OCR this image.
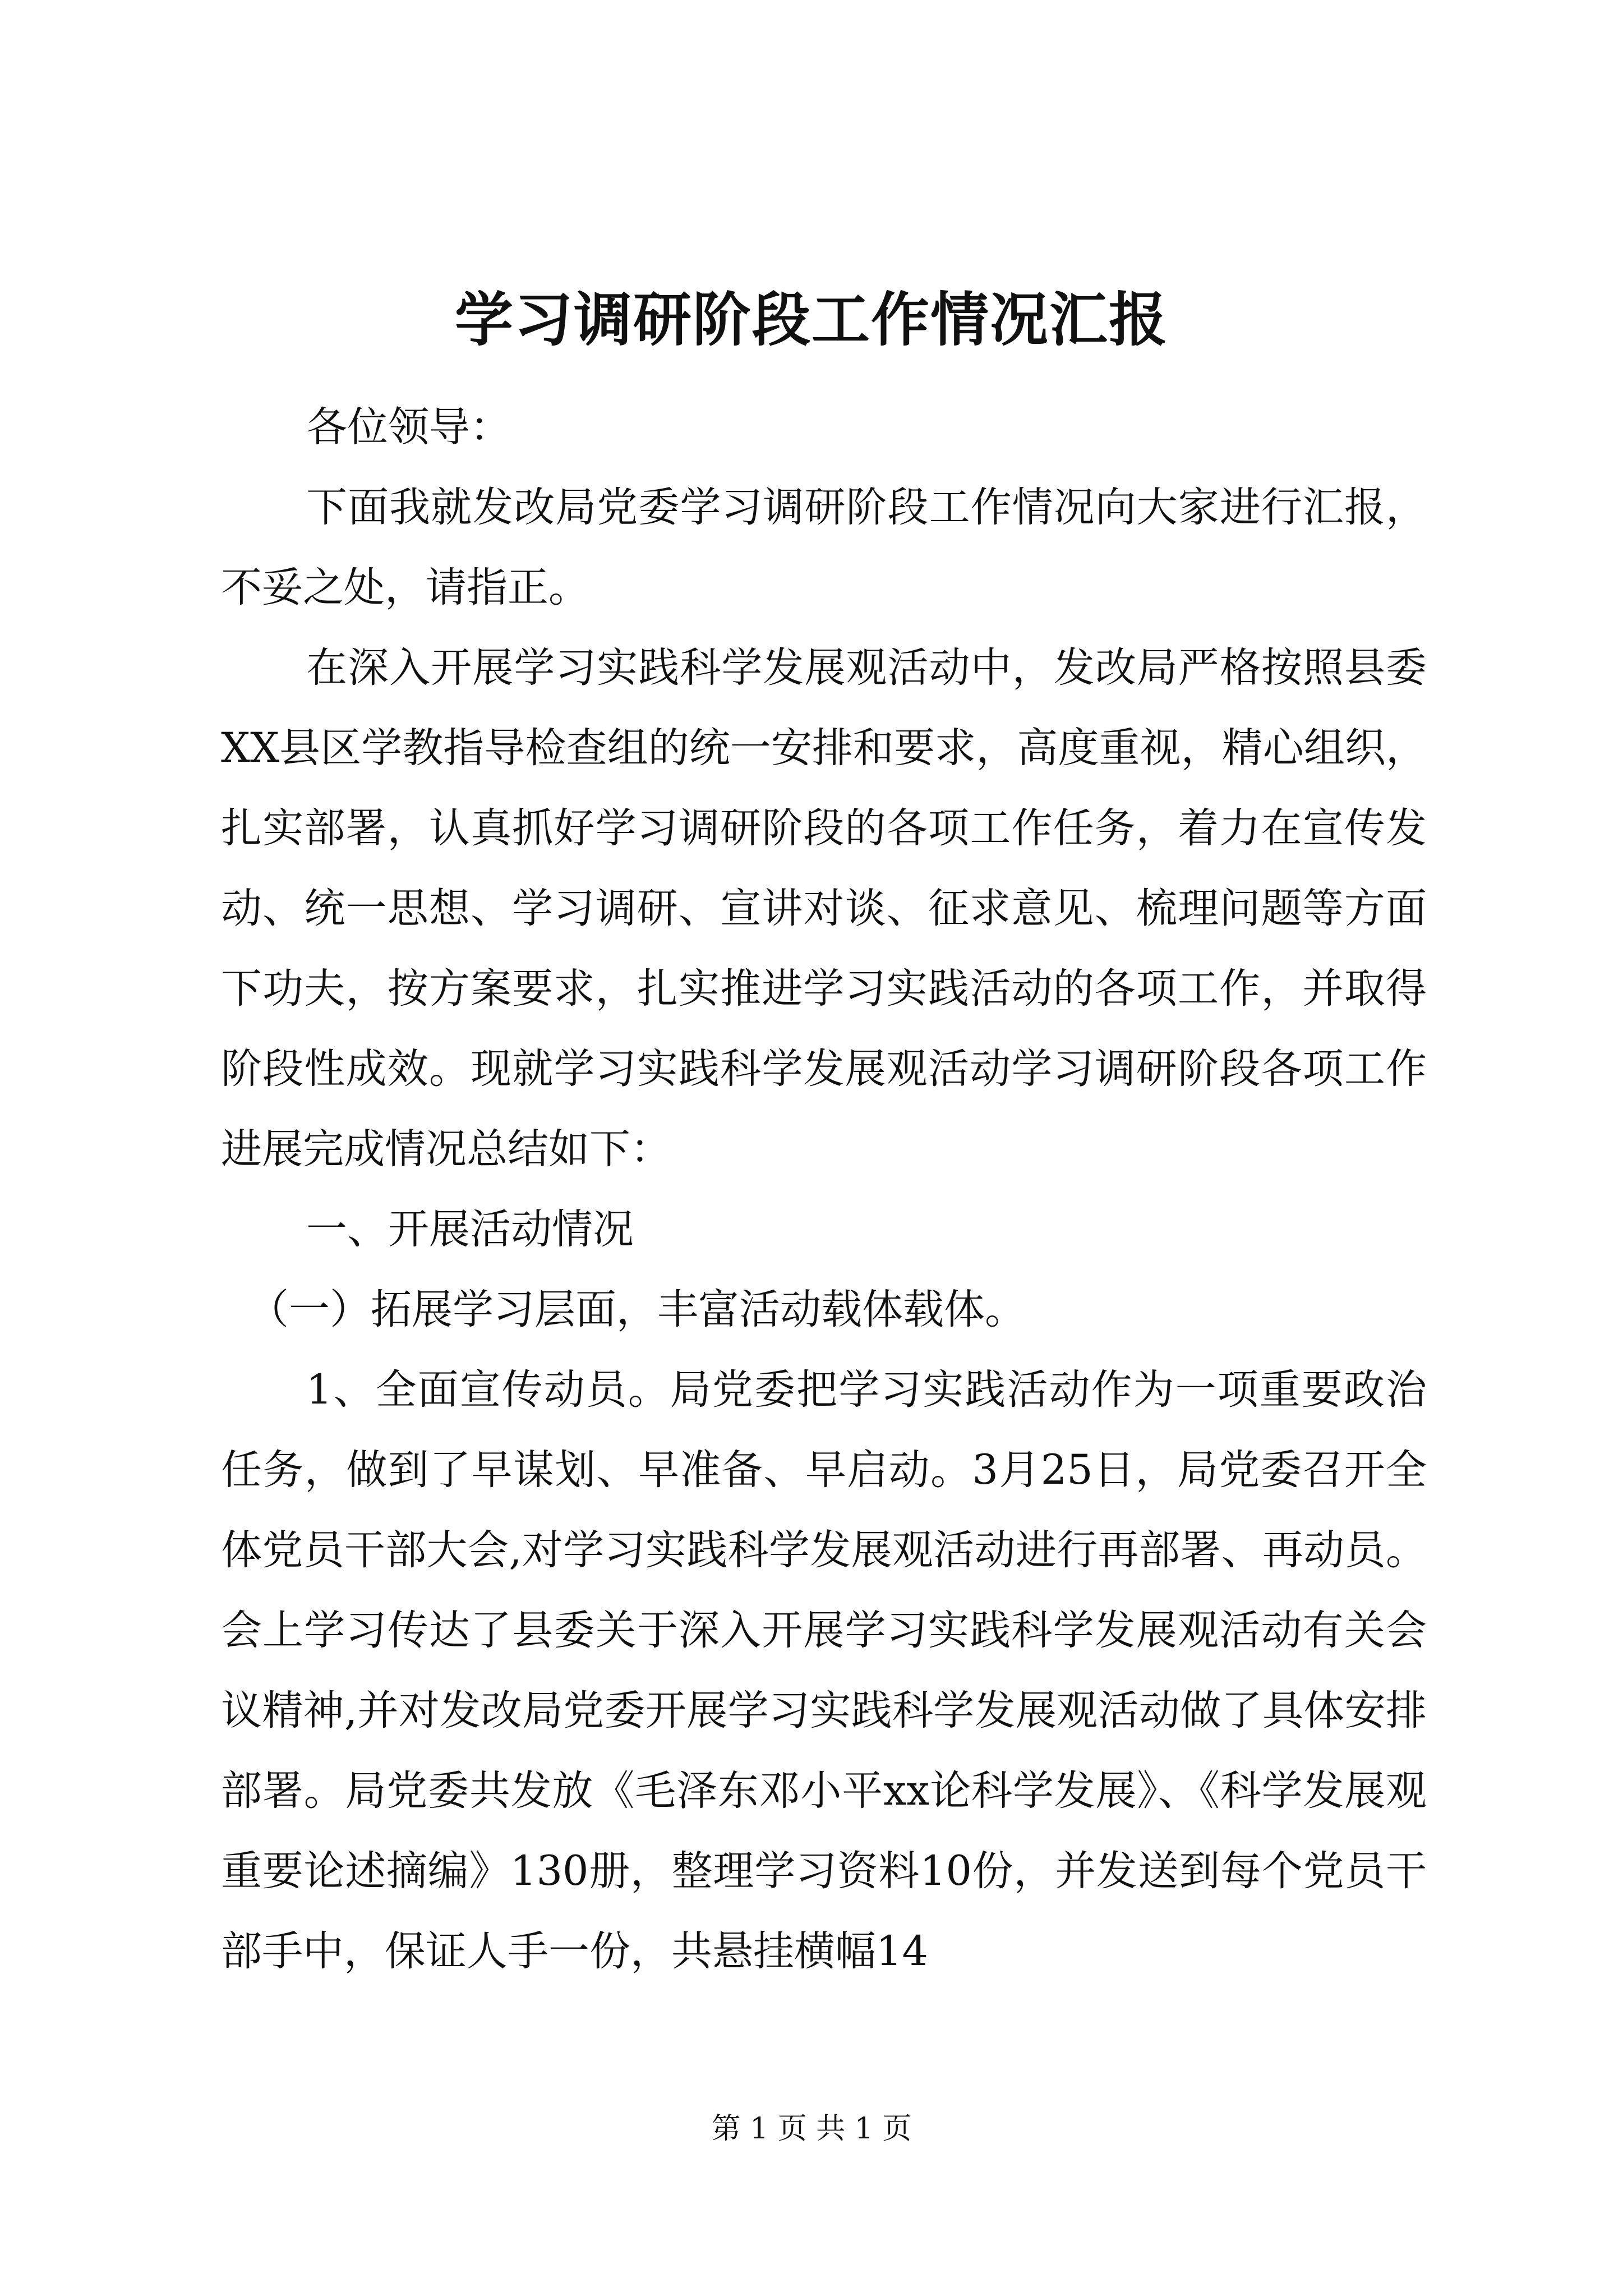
学习调研阶段工作情况汇报

各位领导：

下面我就发改局党委学习调研阶段工作情况向大家进行汇报，不妥之处，请指正。

在深入开展学习实践科学发展观活动中，发改局严格按照县委XX县区学教指导检查组的统一安排和要求，高度重视，精心组织，扎实部署，认真抓好学习调研阶段的各项工作任务，着力在宣传发动、统一思想、学习调研、宣讲对谈、征求意见、梳理问题等方面下功夫，按方案要求，扎实推进学习实践活动的各项工作，并取得阶段性成效。现就学习实践科学发展观活动学习调研阶段各项工作进展完成情况总结如下：

一、开展活动情况

（一）拓展学习层面，丰富活动载体载体。

1、全面宣传动员。局党委把学习实践活动作为一项重要政治任务，做到了早谋划、早准备、早启动。3月25日，局党委召开全体党员干部大会,对学习实践科学发展观活动进行再部署、再动员。会上学习传达了县委关于深入开展学习实践科学发展观活动有关会议精神,并对发改局党委开展学习实践科学发展观活动做了具体安排部署。局党委共发放《毛泽东邓小平xx论科学发展》、《科学发展观重要论述摘编》130册，整理学习资料10份，并发送到每个党员干部手中，保证人手一份，共悬挂横幅14

第 1 页 共 1 页
